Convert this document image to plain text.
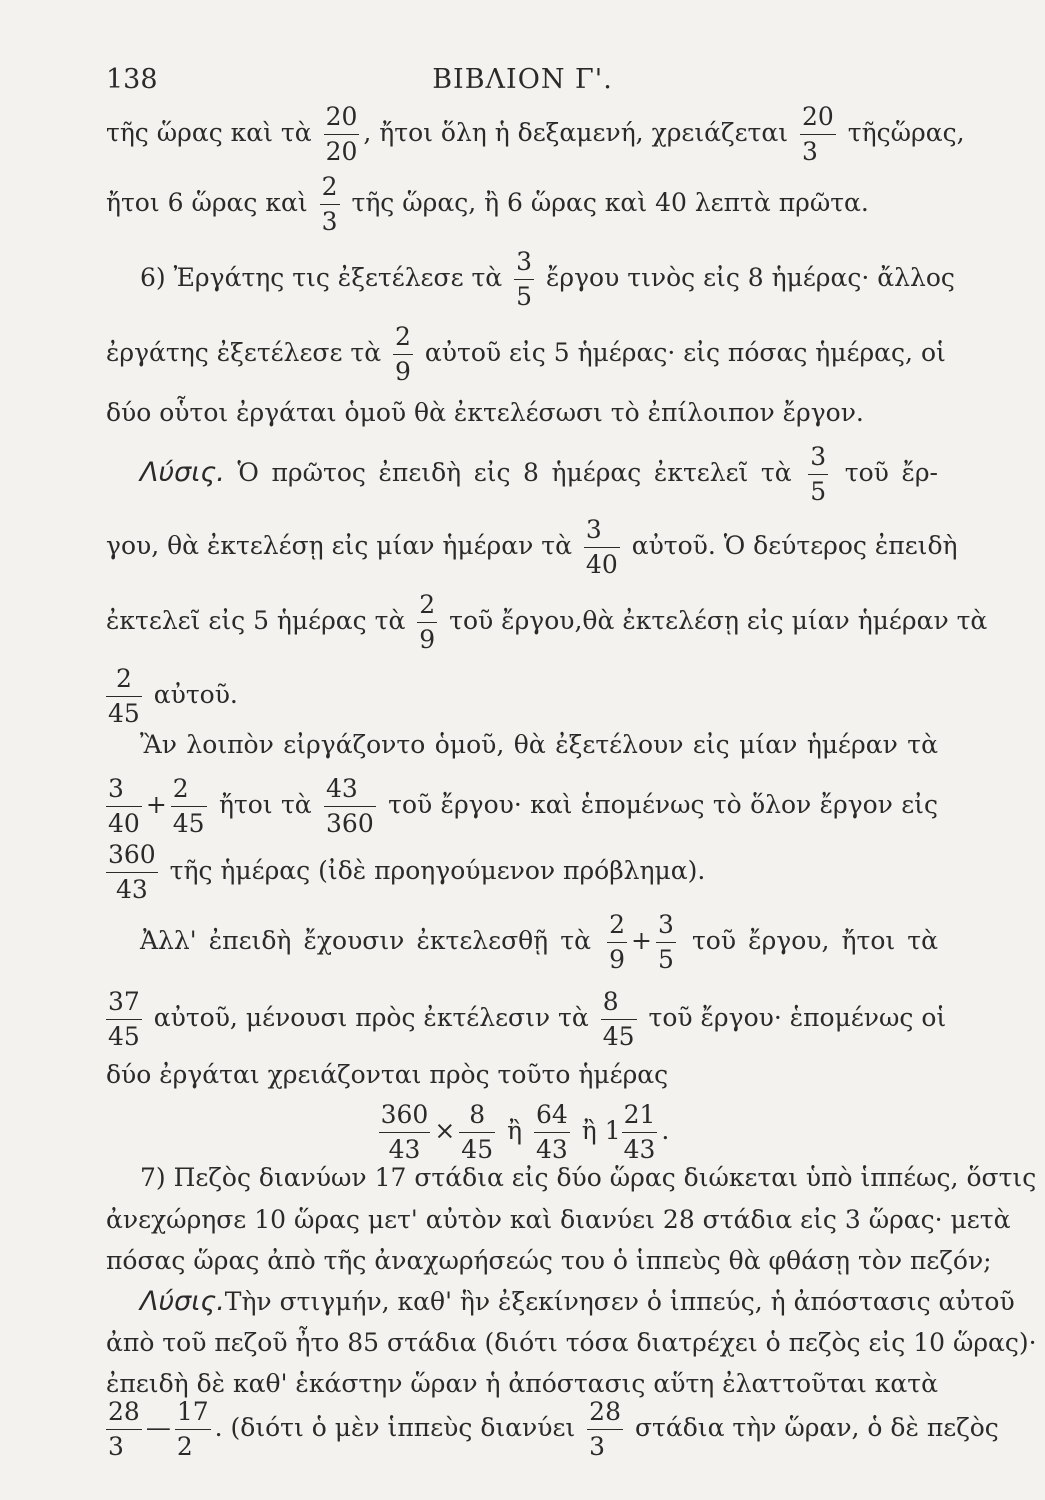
138	ΒΙΒΛΙΟΝ Γ'.
τῆς ὥρας καὶ τὰ $\frac{20}{20}$ , ἤτοι ὅλη ἡ δεξαμενή, χρειάζεται $\frac{20}{3}$ τῆςὥρας,
ἤτοι 6 ὥρας καὶ $\frac{2}{3}$ τῆς ὥρας, ἢ 6 ὥρας καὶ 40 λεπτὰ πρῶτα.
6) Ἐργάτης τις ἐξετέλεσε τὰ $\frac{3}{5}$ ἔργου τινὸς εἰς 8 ἡμέρας· ἄλλος
ἐργάτης ἐξετέλεσε τὰ $\frac{2}{9}$ αὐτοῦ εἰς 5 ἡμέρας· εἰς πόσας ἡμέρας, οἱ
δύο οὗτοι ἐργάται ὁμοῦ θὰ ἐκτελέσωσι τὸ ἐπίλοιπον ἔργον.
Λύσις. Ὁ πρῶτος ἐπειδὴ εἰς 8 ἡμέρας ἐκτελεῖ τὰ $\frac{3}{5}$ τοῦ ἔρ-
γου, θὰ ἐκτελέσῃ εἰς μίαν ἡμέραν τὰ $\frac{3}{40}$ αὐτοῦ. Ὁ δεύτερος ἐπειδὴ
ἐκτελεῖ εἰς 5 ἡμέρας τὰ $\frac{2}{9}$ τοῦ ἔργου,θὰ ἐκτελέσῃ εἰς μίαν ἡμέραν τὰ
$\frac{2}{45}$ αὐτοῦ.
Ἂν λοιπὸν εἰργάζοντο ὁμοῦ, θὰ ἐξετέλουν εἰς μίαν ἡμέραν τὰ
$\frac{3}{40} + \frac{2}{45}$ ἤτοι τὰ $\frac{43}{360}$ τοῦ ἔργου· καὶ ἑπομένως τὸ ὅλον ἔργον εἰς
$\frac{360}{43}$ τῆς ἡμέρας (ἰδὲ προηγούμενον πρόβλημα).
Ἀλλ' ἐπειδὴ ἔχουσιν ἐκτελεσθῇ τὰ $\frac{2}{9} + \frac{3}{5}$ τοῦ ἔργου, ἤτοι τὰ
$\frac{37}{45}$ αὐτοῦ, μένουσι πρὸς ἐκτέλεσιν τὰ $\frac{8}{45}$ τοῦ ἔργου· ἑπομένως οἱ
δύο ἐργάται χρειάζονται πρὸς τοῦτο ἡμέρας
$\frac{360}{43} \times \frac{8}{45}$ ἢ $\frac{64}{43}$ ἢ $1 \frac{21}{43}$ .
7) Πεζὸς διανύων 17 στάδια εἰς δύο ὥρας διώκεται ὑπὸ ἱππέως, ὅστις
ἀνεχώρησε 10 ὥρας μετ' αὐτὸν καὶ διανύει 28 στάδια εἰς 3 ὥρας· μετὰ
πόσας ὥρας ἀπὸ τῆς ἀναχωρήσεώς του ὁ ἱππεὺς θὰ φθάσῃ τὸν πεζόν;
Λύσις.Τὴν στιγμήν, καθ' ἣν ἐξεκίνησεν ὁ ἱππεύς, ἡ ἀπόστασις αὐτοῦ
ἀπὸ τοῦ πεζοῦ ἦτο 85 στάδια (διότι τόσα διατρέχει ὁ πεζὸς εἰς 10 ὥρας)·
ἐπειδὴ δὲ καθ' ἑκάστην ὥραν ἡ ἀπόστασις αὕτη ἐλαττοῦται κατὰ
$\frac{28}{3}$ — $\frac{17}{2}$ . (διότι ὁ μὲν ἱππεὺς διανύει $\frac{28}{3}$ στάδια τὴν ὥραν, ὁ δὲ πεζὸς
